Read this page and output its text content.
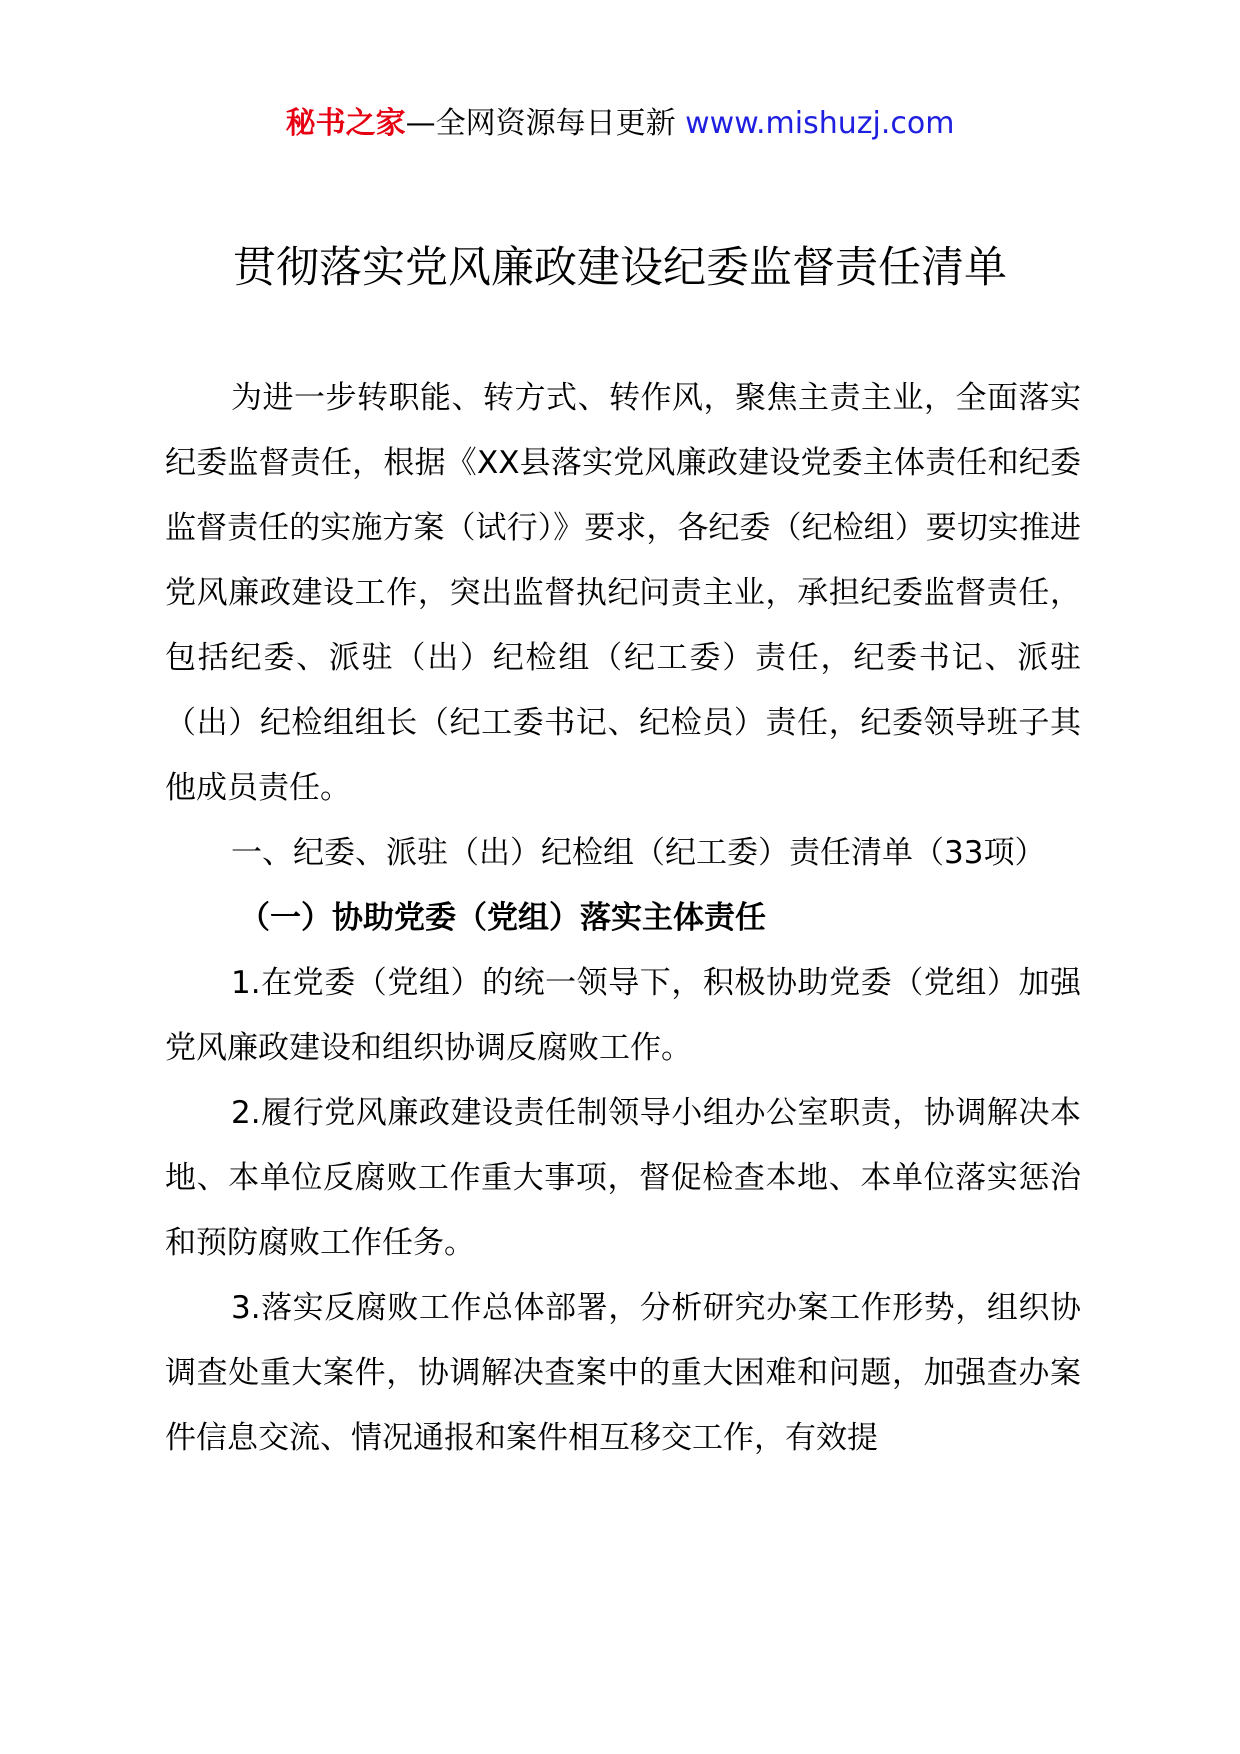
秘书之家—全网资源每日更新 www.mishuzj.com
贯彻落实党风廉政建设纪委监督责任清单

为进一步转职能、转方式、转作风，聚焦主责主业，全面落实纪委监督责任，根据《XX县落实党风廉政建设党委主体责任和纪委监督责任的实施方案（试行）》要求，各纪委（纪检组）要切实推进党风廉政建设工作，突出监督执纪问责主业，承担纪委监督责任，包括纪委、派驻（出）纪检组（纪工委）责任，纪委书记、派驻（出）纪检组组长（纪工委书记、纪检员）责任，纪委领导班子其他成员责任。

一、纪委、派驻（出）纪检组（纪工委）责任清单（33项）

（一）协助党委（党组）落实主体责任

1.在党委（党组）的统一领导下，积极协助党委（党组）加强党风廉政建设和组织协调反腐败工作。

2.履行党风廉政建设责任制领导小组办公室职责，协调解决本地、本单位反腐败工作重大事项，督促检查本地、本单位落实惩治和预防腐败工作任务。

3.落实反腐败工作总体部署，分析研究办案工作形势，组织协调查处重大案件，协调解决查案中的重大困难和问题，加强查办案件信息交流、情况通报和案件相互移交工作，有效提
